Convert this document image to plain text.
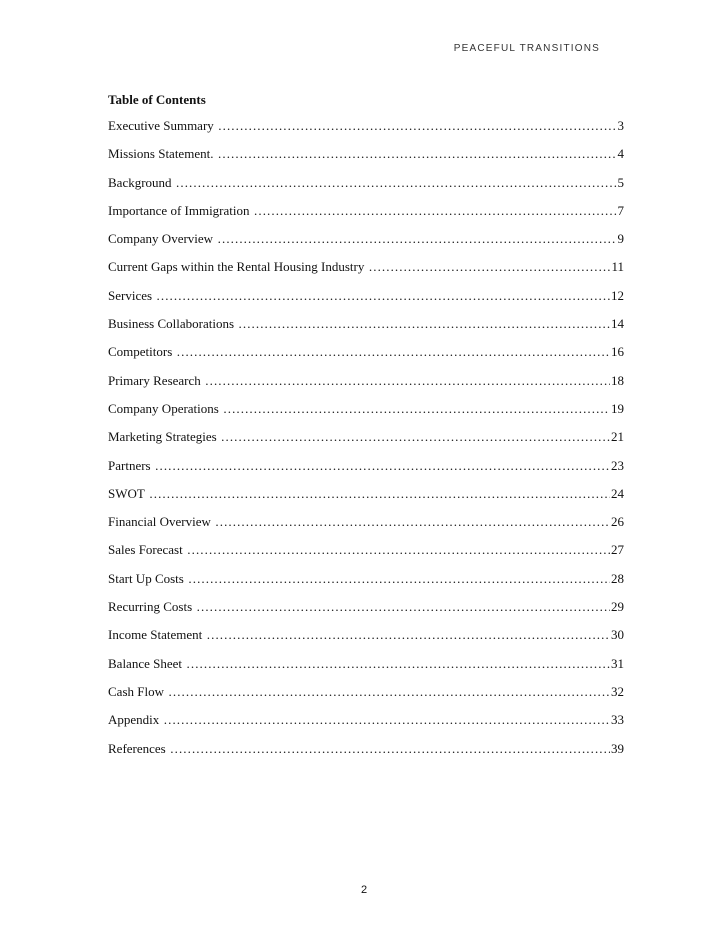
PEACEFUL TRANSITIONS
Table of Contents
Executive Summary ………………………………………………………………………………………………………………………………………………………………………………	3
Missions Statement. ………………………………………………………………………………………………………………………………………………………………………………	4
Background ………………………………………………………………………………………………………………………………………………………………………………	5
Importance of Immigration ………………………………………………………………………………………………………………………………………………………………………………	7
Company Overview ………………………………………………………………………………………………………………………………………………………………………………	9
Current Gaps within the Rental Housing Industry ………………………………………………………………………………………………………………………………………………………………………………	11
Services ………………………………………………………………………………………………………………………………………………………………………………	12
Business Collaborations ………………………………………………………………………………………………………………………………………………………………………………	14
Competitors ………………………………………………………………………………………………………………………………………………………………………………	16
Primary Research ………………………………………………………………………………………………………………………………………………………………………………	18
Company Operations ………………………………………………………………………………………………………………………………………………………………………………	19
Marketing Strategies ………………………………………………………………………………………………………………………………………………………………………………	21
Partners ………………………………………………………………………………………………………………………………………………………………………………	23
SWOT ………………………………………………………………………………………………………………………………………………………………………………	24
Financial Overview ………………………………………………………………………………………………………………………………………………………………………………	26
Sales Forecast ………………………………………………………………………………………………………………………………………………………………………………	27
Start Up Costs ………………………………………………………………………………………………………………………………………………………………………………	28
Recurring Costs ………………………………………………………………………………………………………………………………………………………………………………	29
Income Statement ………………………………………………………………………………………………………………………………………………………………………………	30
Balance Sheet ………………………………………………………………………………………………………………………………………………………………………………	31
Cash Flow ………………………………………………………………………………………………………………………………………………………………………………	32
Appendix ………………………………………………………………………………………………………………………………………………………………………………	33
References ………………………………………………………………………………………………………………………………………………………………………………	39
2
